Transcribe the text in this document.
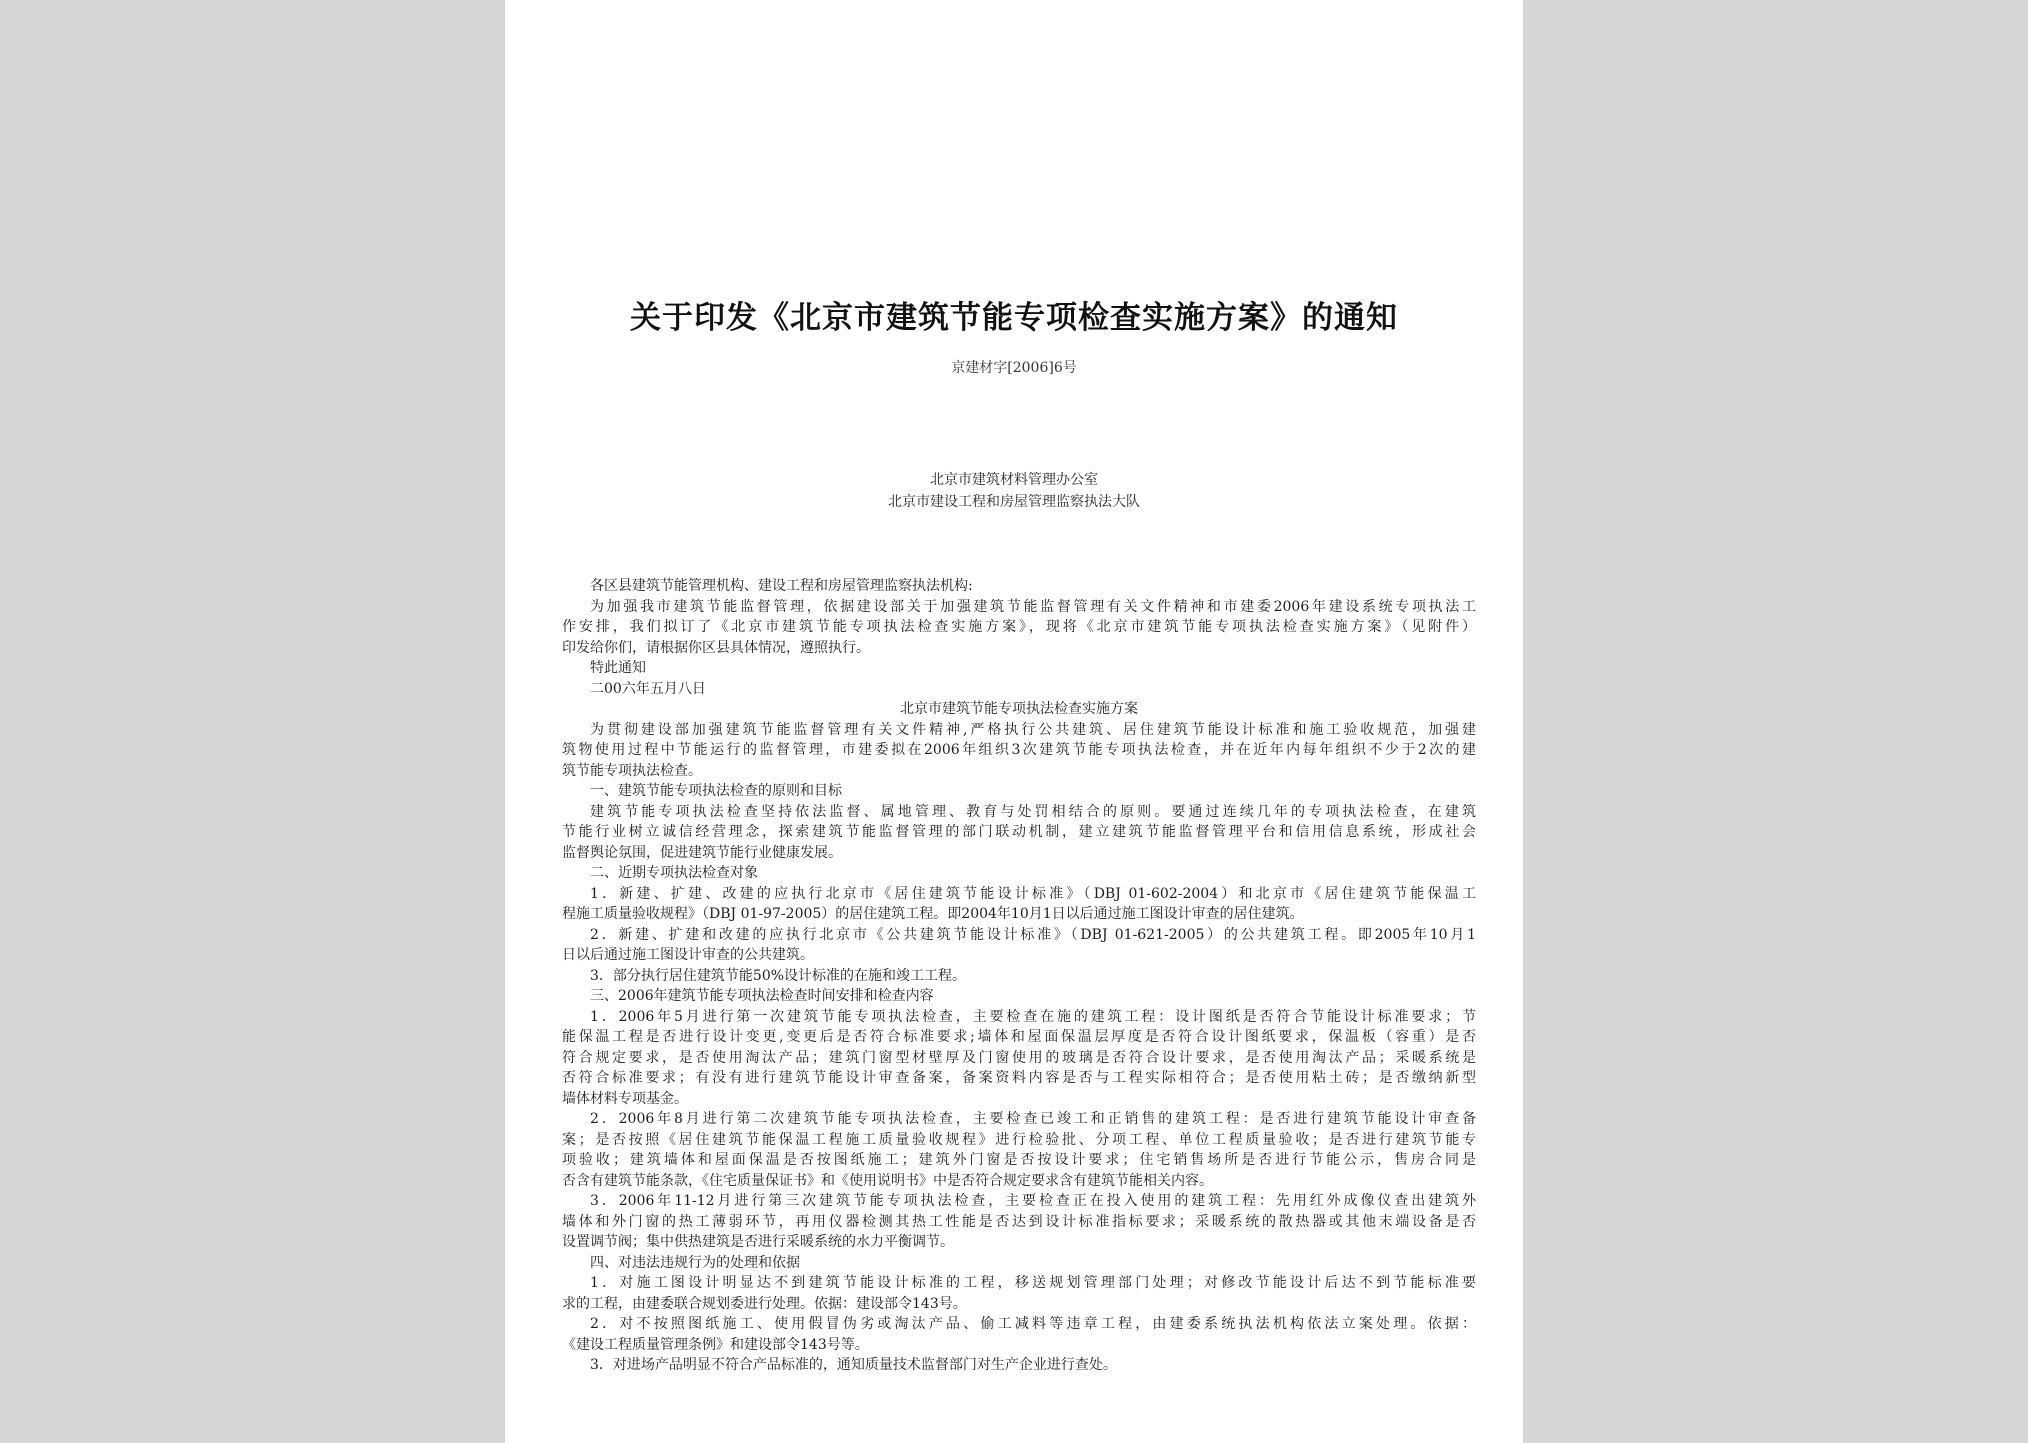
关于印发《北京市建筑节能专项检查实施方案》的通知
京建材字[2006]6号
北京市建筑材料管理办公室
北京市建设工程和房屋管理监察执法大队
各区县建筑节能管理机构、建设工程和房屋管理监察执法机构:
为加强我市建筑节能监督管理，依据建设部关于加强建筑节能监督管理有关文件精神和市建委2006年建设系统专项执法工
作安排，我们拟订了《北京市建筑节能专项执法检查实施方案》，现将《北京市建筑节能专项执法检查实施方案》（见附件）
印发给你们，请根据你区县具体情况，遵照执行。
特此通知
二00六年五月八日
北京市建筑节能专项执法检查实施方案
为贯彻建设部加强建筑节能监督管理有关文件精神,严格执行公共建筑、居住建筑节能设计标准和施工验收规范，加强建
筑物使用过程中节能运行的监督管理，市建委拟在2006年组织3次建筑节能专项执法检查，并在近年内每年组织不少于2次的建
筑节能专项执法检查。
一、建筑节能专项执法检查的原则和目标
建筑节能专项执法检查坚持依法监督、属地管理、教育与处罚相结合的原则。要通过连续几年的专项执法检查，在建筑
节能行业树立诚信经营理念，探索建筑节能监督管理的部门联动机制，建立建筑节能监督管理平台和信用信息系统，形成社会
监督舆论氛围，促进建筑节能行业健康发展。
二、近期专项执法检查对象
1．新建、扩建、改建的应执行北京市《居住建筑节能设计标准》（DBJ 01-602-2004）和北京市《居住建筑节能保温工
程施工质量验收规程》（DBJ 01-97-2005）的居住建筑工程。即2004年10月1日以后通过施工图设计审查的居住建筑。
2．新建、扩建和改建的应执行北京市《公共建筑节能设计标准》（DBJ 01-621-2005）的公共建筑工程。即2005年10月1
日以后通过施工图设计审查的公共建筑。
3．部分执行居住建筑节能50%设计标准的在施和竣工工程。
三、2006年建筑节能专项执法检查时间安排和检查内容
1．2006年5月进行第一次建筑节能专项执法检查，主要检查在施的建筑工程：设计图纸是否符合节能设计标准要求；节
能保温工程是否进行设计变更,变更后是否符合标准要求;墙体和屋面保温层厚度是否符合设计图纸要求，保温板（容重）是否
符合规定要求，是否使用淘汰产品；建筑门窗型材壁厚及门窗使用的玻璃是否符合设计要求，是否使用淘汰产品；采暖系统是
否符合标准要求；有没有进行建筑节能设计审查备案，备案资料内容是否与工程实际相符合；是否使用粘土砖；是否缴纳新型
墙体材料专项基金。
2．2006年8月进行第二次建筑节能专项执法检查，主要检查已竣工和正销售的建筑工程：是否进行建筑节能设计审查备
案；是否按照《居住建筑节能保温工程施工质量验收规程》进行检验批、分项工程、单位工程质量验收；是否进行建筑节能专
项验收；建筑墙体和屋面保温是否按图纸施工；建筑外门窗是否按设计要求；住宅销售场所是否进行节能公示，售房合同是
否含有建筑节能条款，《住宅质量保证书》和《使用说明书》中是否符合规定要求含有建筑节能相关内容。
3．2006年11-12月进行第三次建筑节能专项执法检查，主要检查正在投入使用的建筑工程：先用红外成像仪查出建筑外
墙体和外门窗的热工薄弱环节，再用仪器检测其热工性能是否达到设计标准指标要求；采暖系统的散热器或其他末端设备是否
设置调节阀；集中供热建筑是否进行采暖系统的水力平衡调节。
四、对违法违规行为的处理和依据
1．对施工图设计明显达不到建筑节能设计标准的工程，移送规划管理部门处理；对修改节能设计后达不到节能标准要
求的工程，由建委联合规划委进行处理。依据：建设部令143号。
2．对不按照图纸施工、使用假冒伪劣或淘汰产品、偷工减料等违章工程，由建委系统执法机构依法立案处理。依据：
《建设工程质量管理条例》和建设部令143号等。
3．对进场产品明显不符合产品标准的，通知质量技术监督部门对生产企业进行查处。
